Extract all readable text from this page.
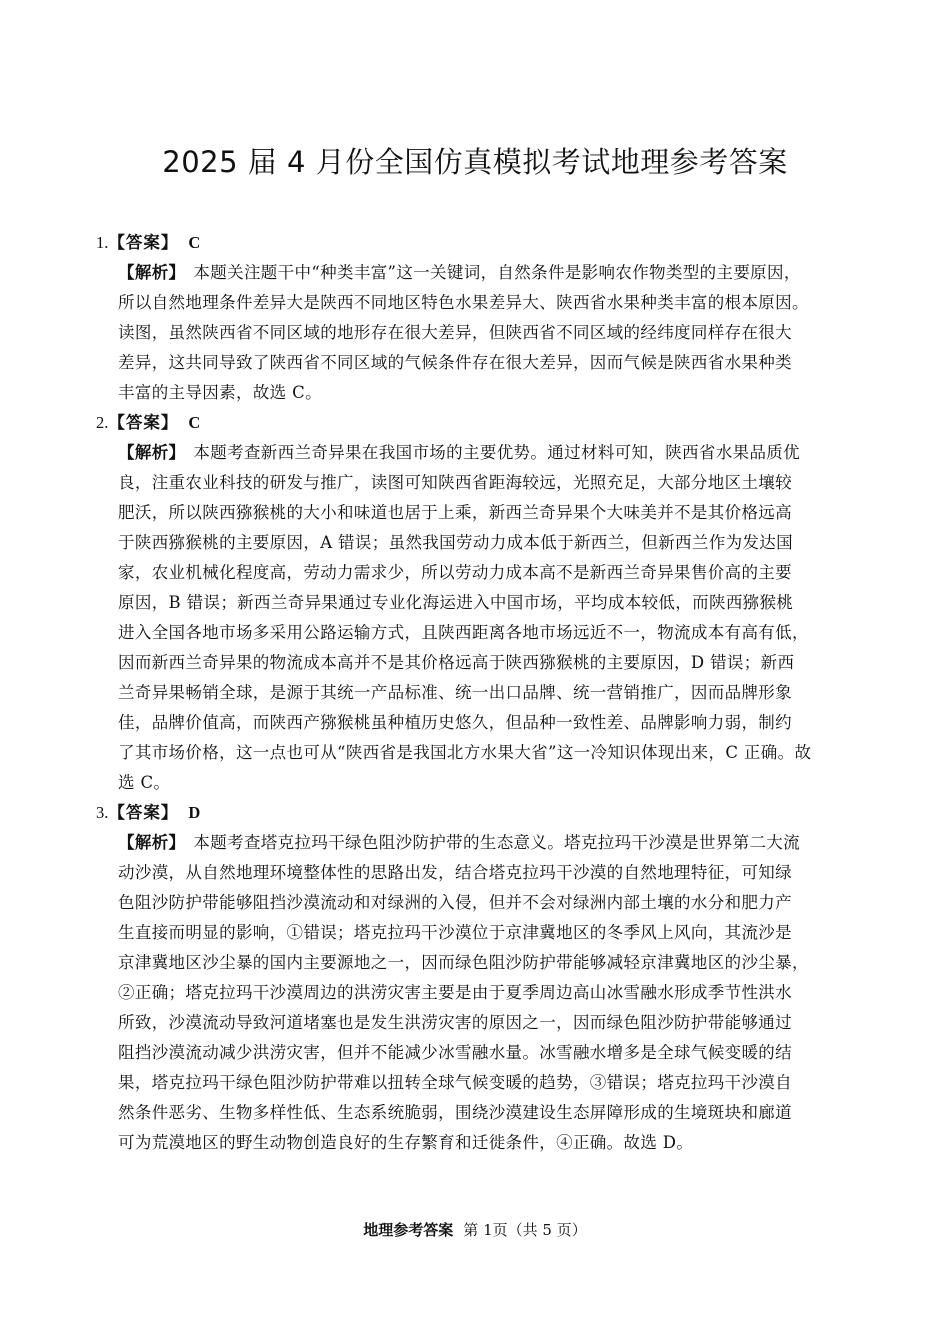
2025 届 4 月份全国仿真模拟考试地理参考答案
1.【答案】 C
【解析】 本题关注题干中“种类丰富”这一关键词，自然条件是影响农作物类型的主要原因，
所以自然地理条件差异大是陕西不同地区特色水果差异大、陕西省水果种类丰富的根本原因。
读图，虽然陕西省不同区域的地形存在很大差异，但陕西省不同区域的经纬度同样存在很大
差异，这共同导致了陕西省不同区域的气候条件存在很大差异，因而气候是陕西省水果种类
丰富的主导因素，故选 C。
2.【答案】 C
【解析】 本题考查新西兰奇异果在我国市场的主要优势。通过材料可知，陕西省水果品质优
良，注重农业科技的研发与推广，读图可知陕西省距海较远，光照充足，大部分地区土壤较
肥沃，所以陕西猕猴桃的大小和味道也居于上乘，新西兰奇异果个大味美并不是其价格远高
于陕西猕猴桃的主要原因，A 错误；虽然我国劳动力成本低于新西兰，但新西兰作为发达国
家，农业机械化程度高，劳动力需求少，所以劳动力成本高不是新西兰奇异果售价高的主要
原因，B 错误；新西兰奇异果通过专业化海运进入中国市场，平均成本较低，而陕西猕猴桃
进入全国各地市场多采用公路运输方式，且陕西距离各地市场远近不一，物流成本有高有低，
因而新西兰奇异果的物流成本高并不是其价格远高于陕西猕猴桃的主要原因，D 错误；新西
兰奇异果畅销全球，是源于其统一产品标准、统一出口品牌、统一营销推广，因而品牌形象
佳，品牌价值高，而陕西产猕猴桃虽种植历史悠久，但品种一致性差、品牌影响力弱，制约
了其市场价格，这一点也可从“陕西省是我国北方水果大省”这一冷知识体现出来，C 正确。故
选 C。
3.【答案】 D
【解析】 本题考查塔克拉玛干绿色阻沙防护带的生态意义。塔克拉玛干沙漠是世界第二大流
动沙漠，从自然地理环境整体性的思路出发，结合塔克拉玛干沙漠的自然地理特征，可知绿
色阻沙防护带能够阻挡沙漠流动和对绿洲的入侵，但并不会对绿洲内部土壤的水分和肥力产
生直接而明显的影响，①错误；塔克拉玛干沙漠位于京津冀地区的冬季风上风向，其流沙是
京津冀地区沙尘暴的国内主要源地之一，因而绿色阻沙防护带能够减轻京津冀地区的沙尘暴，
②正确；塔克拉玛干沙漠周边的洪涝灾害主要是由于夏季周边高山冰雪融水形成季节性洪水
所致，沙漠流动导致河道堵塞也是发生洪涝灾害的原因之一，因而绿色阻沙防护带能够通过
阻挡沙漠流动减少洪涝灾害，但并不能减少冰雪融水量。冰雪融水增多是全球气候变暖的结
果，塔克拉玛干绿色阻沙防护带难以扭转全球气候变暖的趋势，③错误；塔克拉玛干沙漠自
然条件恶劣、生物多样性低、生态系统脆弱，围绕沙漠建设生态屏障形成的生境斑块和廊道
可为荒漠地区的野生动物创造良好的生存繁育和迁徙条件，④正确。故选 D。
地理参考答案 第 1页（共 5 页）
